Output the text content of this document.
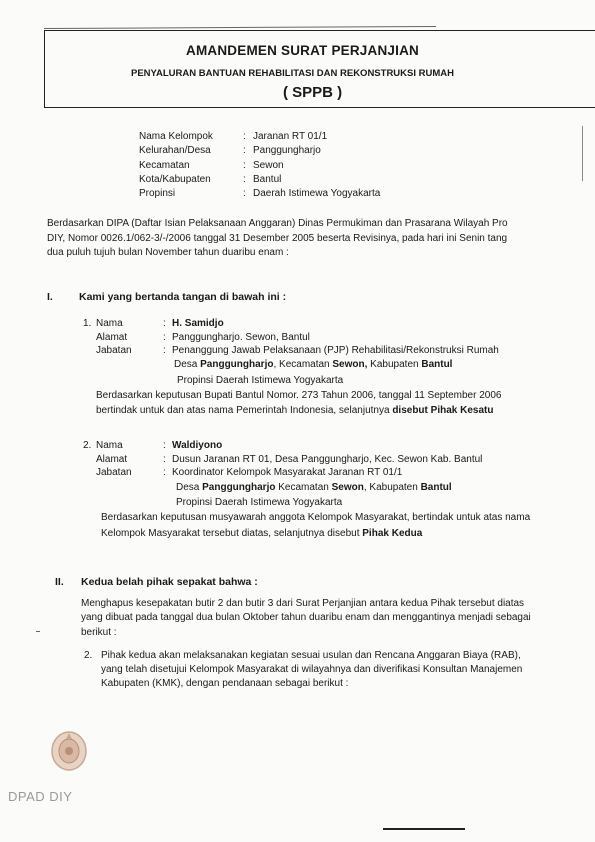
AMANDEMEN SURAT PERJANJIAN
PENYALURAN BANTUAN REHABILITASI DAN REKONSTRUKSI RUMAH
( SPPB )
Nama Kelompok	: Jaranan RT 01/1
Kelurahan/Desa	: Panggungharjo
Kecamatan	: Sewon
Kota/Kabupaten	: Bantul
Propinsi	: Daerah Istimewa Yogyakarta
Berdasarkan DIPA (Daftar Isian Pelaksanaan Anggaran) Dinas Permukiman dan Prasarana Wilayah Pro
DIY, Nomor 0026.1/062-3/-/2006 tanggal 31 Desember 2005 beserta Revisinya, pada hari ini Senin tang
dua puluh tujuh bulan November tahun duaribu enam :
I. Kami yang bertanda tangan di bawah ini :
1. Nama	: H. Samidjo
Alamat	: Panggungharjo. Sewon, Bantul
Jabatan	: Penanggung Jawab Pelaksanaan (PJP) Rehabilitasi/Rekonstruksi Rumah
Desa Panggungharjo, Kecamatan Sewon, Kabupaten Bantul
Propinsi Daerah Istimewa Yogyakarta
Berdasarkan keputusan Bupati Bantul Nomor. 273 Tahun 2006, tanggal 11 September 2006
bertindak untuk dan atas nama Pemerintah Indonesia, selanjutnya disebut Pihak Kesatu
2. Nama	: Waldiyono
Alamat	: Dusun Jaranan RT 01, Desa Panggungharjo, Kec. Sewon Kab. Bantul
Jabatan	: Koordinator Kelompok Masyarakat Jaranan RT 01/1
Desa Panggungharjo Kecamatan Sewon, Kabupaten Bantul
Propinsi Daerah Istimewa Yogyakarta
Berdasarkan keputusan musyawarah anggota Kelompok Masyarakat, bertindak untuk atas nama
Kelompok Masyarakat tersebut diatas, selanjutnya disebut Pihak Kedua
II. Kedua belah pihak sepakat bahwa :
Menghapus kesepakatan butir 2 dan butir 3 dari Surat Perjanjian antara kedua Pihak tersebut diatas
yang dibuat pada tanggal dua bulan Oktober tahun duaribu enam dan menggantinya menjadi sebagai
berikut :
2. Pihak kedua akan melaksanakan kegiatan sesuai usulan dan Rencana Anggaran Biaya (RAB),
yang telah disetujui Kelompok Masyarakat di wilayahnya dan diverifikasi Konsultan Manajemen
Kabupaten (KMK), dengan pendanaan sebagai berikut :
DPAD DIY
